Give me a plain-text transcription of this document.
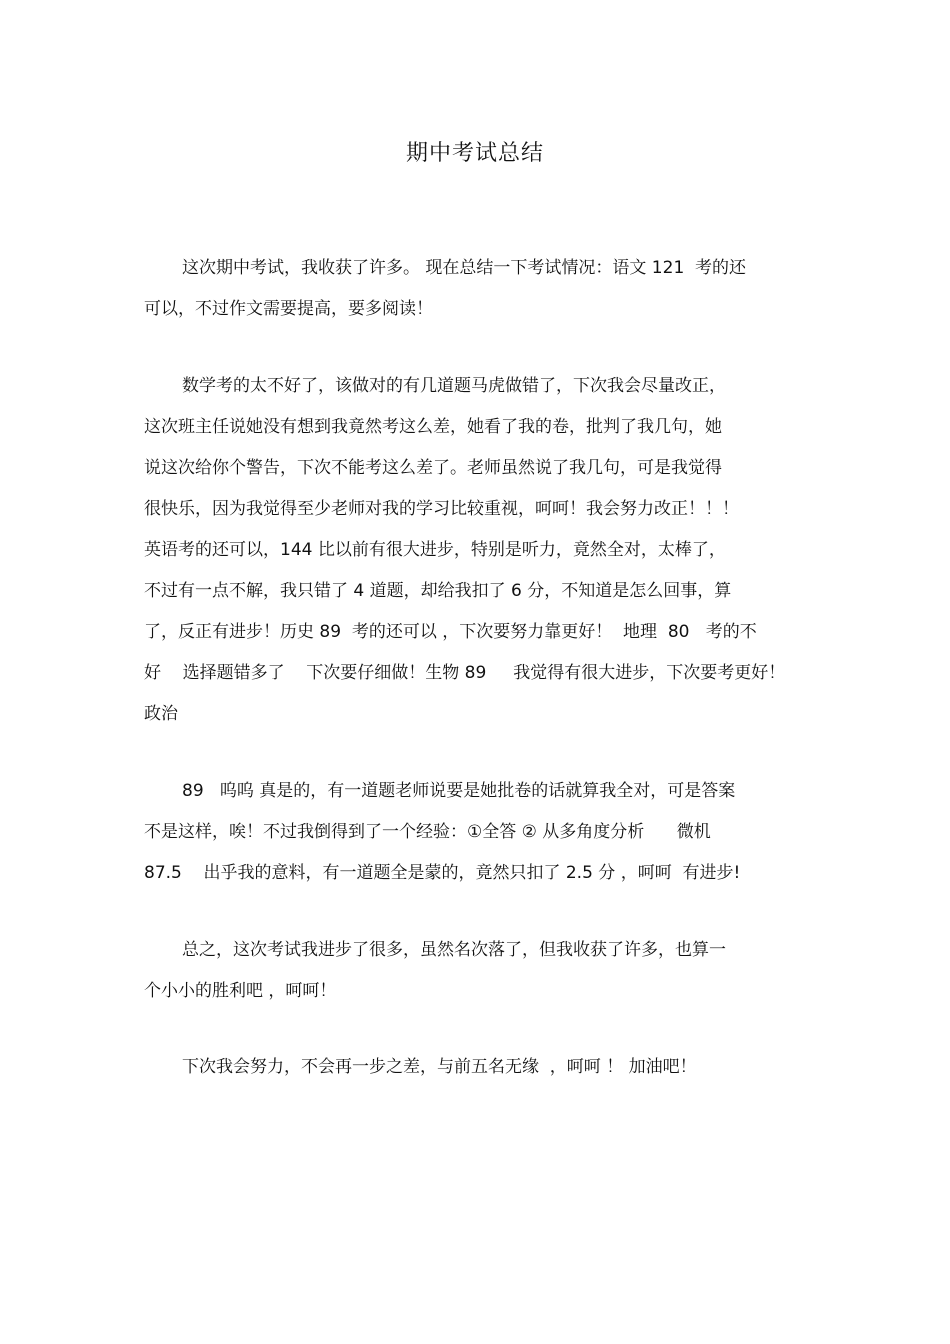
期中考试总结
这次期中考试，我收获了许多。 现在总结一下考试情况：语文 121  考的还
可以，不过作文需要提高，要多阅读！
数学考的太不好了，该做对的有几道题马虎做错了，下次我会尽量改正，
这次班主任说她没有想到我竟然考这么差，她看了我的卷，批判了我几句，她
说这次给你个警告，下次不能考这么差了。老师虽然说了我几句，可是我觉得
很快乐，因为我觉得至少老师对我的学习比较重视，呵呵！我会努力改正！！！
英语考的还可以，144 比以前有很大进步，特别是听力，竟然全对，太棒了，
不过有一点不解，我只错了 4 道题，却给我扣了 6 分，不知道是怎么回事，算
了，反正有进步！历史 89  考的还可以 ，下次要努力靠更好！  地理  80   考的不
好    选择题错多了    下次要仔细做！生物 89     我觉得有很大进步，下次要考更好！
政治
89   呜呜 真是的，有一道题老师说要是她批卷的话就算我全对，可是答案
不是这样，唉！不过我倒得到了一个经验：①全答 ② 从多角度分析      微机
87.5    出乎我的意料，有一道题全是蒙的，竟然只扣了 2.5 分 ，呵呵  有进步!
总之，这次考试我进步了很多，虽然名次落了，但我收获了许多，也算一
个小小的胜利吧 ，呵呵！
下次我会努力，不会再一步之差，与前五名无缘  ，呵呵 ！ 加油吧！
